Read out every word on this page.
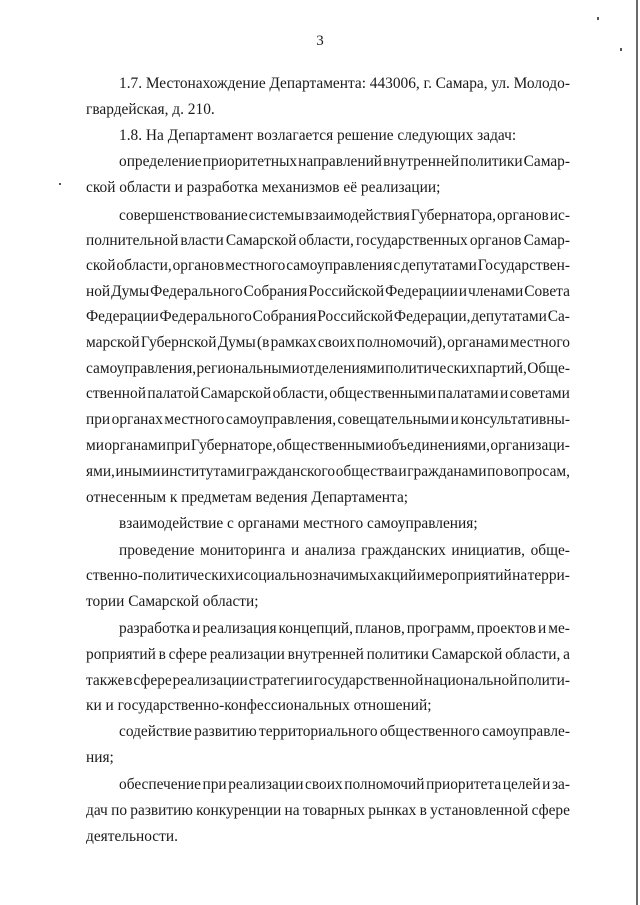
3
1.7. Местонахождение Департамента: 443006, г. Самара, ул. Молодо-
гвардейская, д. 210.
1.8. На Департамент возлагается решение следующих задач:
определение приоритетных направлений внутренней политики Самар-
ской области и разработка механизмов её реализации;
совершенствование системы взаимодействия Губернатора, органов ис-
полнительной власти Самарской области, государственных органов Самар-
ской области, органов местного самоуправления с депутатами Государствен-
ной Думы Федерального Собрания Российской Федерации и членами Совета
Федерации Федерального Собрания Российской Федерации, депутатами Са-
марской Губернской Думы (в рамках своих полномочий), органами местного
самоуправления, региональными отделениями политических партий, Обще-
ственной палатой Самарской области, общественными палатами и советами
при органах местного самоуправления, совещательными и консультативны-
ми органами при Губернаторе, общественными объединениями, организаци-
ями, иными институтами гражданского общества и гражданами по вопросам,
отнесенным к предметам ведения Департамента;
взаимодействие с органами местного самоуправления;
проведение мониторинга и анализа гражданских инициатив, обще-
ственно-политических и социально значимых акций и мероприятий на терри-
тории Самарской области;
разработка и реализация концепций, планов, программ, проектов и ме-
роприятий в сфере реализации внутренней политики Самарской области, а
также в сфере реализации стратегии государственной национальной полити-
ки и государственно-конфессиональных отношений;
содействие развитию территориального общественного самоуправле-
ния;
обеспечение при реализации своих полномочий приоритета целей и за-
дач по развитию конкуренции на товарных рынках в установленной сфере
деятельности.
